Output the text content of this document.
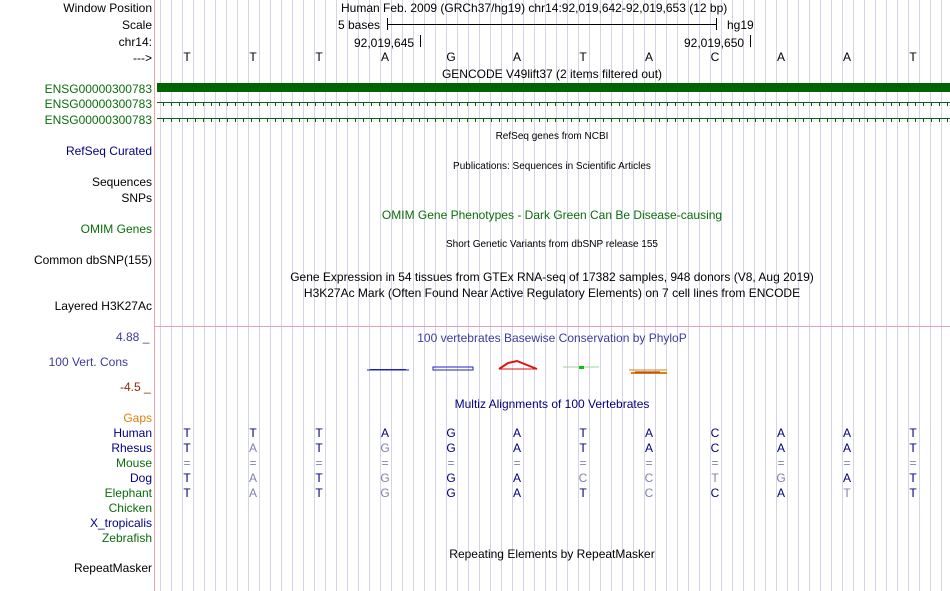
Window Position
Scale
chr14:
--->
Human Feb. 2009 (GRCh37/hg19) chr14:92,019,642-92,019,653 (12 bp)
5 bases	hg19
92,019,645	92,019,650
T	T	T	A	G	A	T	A	C	A	A	T
GENCODE V49lift37 (2 items filtered out)
ENSG00000300783
ENSG00000300783
ENSG00000300783
RefSeq genes from NCBI
RefSeq Curated
Publications: Sequences in Scientific Articles
Sequences
SNPs
OMIM Gene Phenotypes - Dark Green Can Be Disease-causing
OMIM Genes
Short Genetic Variants from dbSNP release 155
Common dbSNP(155)
Gene Expression in 54 tissues from GTEx RNA-seq of 17382 samples, 948 donors (V8, Aug 2019)
H3K27Ac Mark (Often Found Near Active Regulatory Elements) on 7 cell lines from ENCODE
Layered H3K27Ac
100 vertebrates Basewise Conservation by PhyloP
4.88 _
100 Vert. Cons
-4.5 _
Multiz Alignments of 100 Vertebrates
Gaps
Human
Rhesus
Mouse
Dog
Elephant
Chicken
X_tropicalis
Zebrafish
T	T	T	A	G	A	T	A	C	A	A	T
T	A	T	G	G	A	T	A	C	A	A	T
=	=	=	=	=	=	=	=	=	=	=	=
T	A	T	G	G	A	C	C	T	G	A	T
T	A	T	G	G	A	T	C	C	A	T	T
Repeating Elements by RepeatMasker
RepeatMasker
